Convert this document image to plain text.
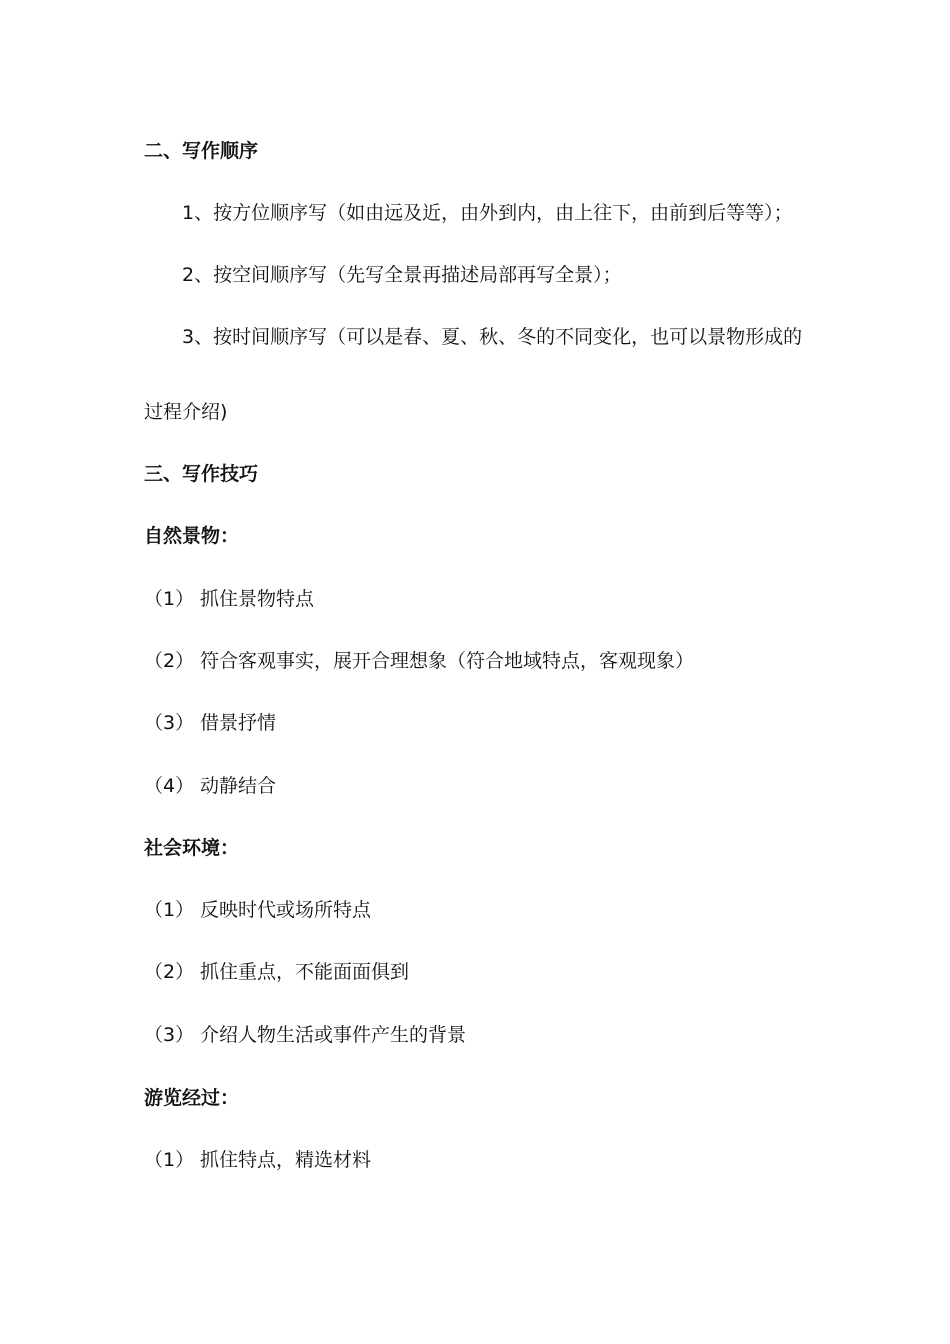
二、写作顺序
1、按方位顺序写（如由远及近，由外到内，由上往下，由前到后等等）；
2、按空间顺序写（先写全景再描述局部再写全景）；
3、按时间顺序写（可以是春、夏、秋、冬的不同变化，也可以景物形成的
过程介绍)
三、写作技巧
自然景物：
（1） 抓住景物特点
（2） 符合客观事实，展开合理想象（符合地域特点，客观现象）
（3） 借景抒情
（4） 动静结合
社会环境：
（1） 反映时代或场所特点
（2） 抓住重点，不能面面俱到
（3） 介绍人物生活或事件产生的背景
游览经过：
（1） 抓住特点，精选材料
